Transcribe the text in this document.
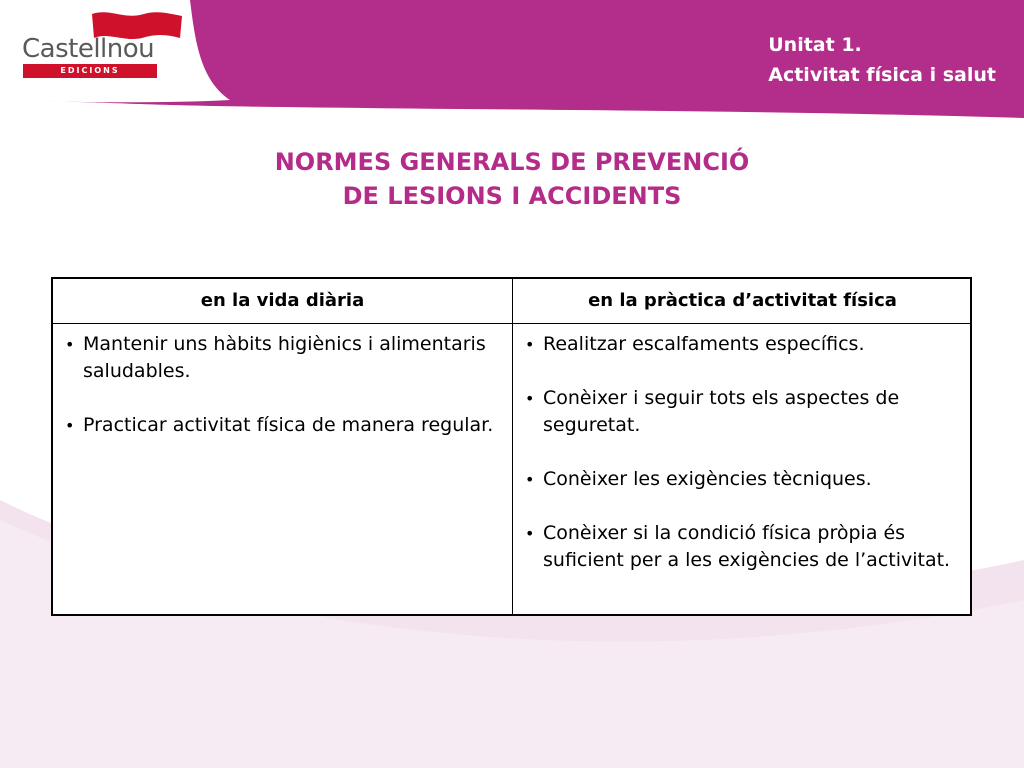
Castellnou
EDICIONS
Unitat 1.
Activitat física i salut
NORMES GENERALS DE PREVENCIÓ
DE LESIONS I ACCIDENTS
en la vida diària	en la pràctica d’activitat física
• Mantenir uns hàbits higiènics i alimentaris saludables.
• Practicar activitat física de manera regular.
• Realitzar escalfaments específics.
• Conèixer i seguir tots els aspectes de seguretat.
• Conèixer les exigències tècniques.
• Conèixer si la condició física pròpia és suficient per a les exigències de l’activitat.
